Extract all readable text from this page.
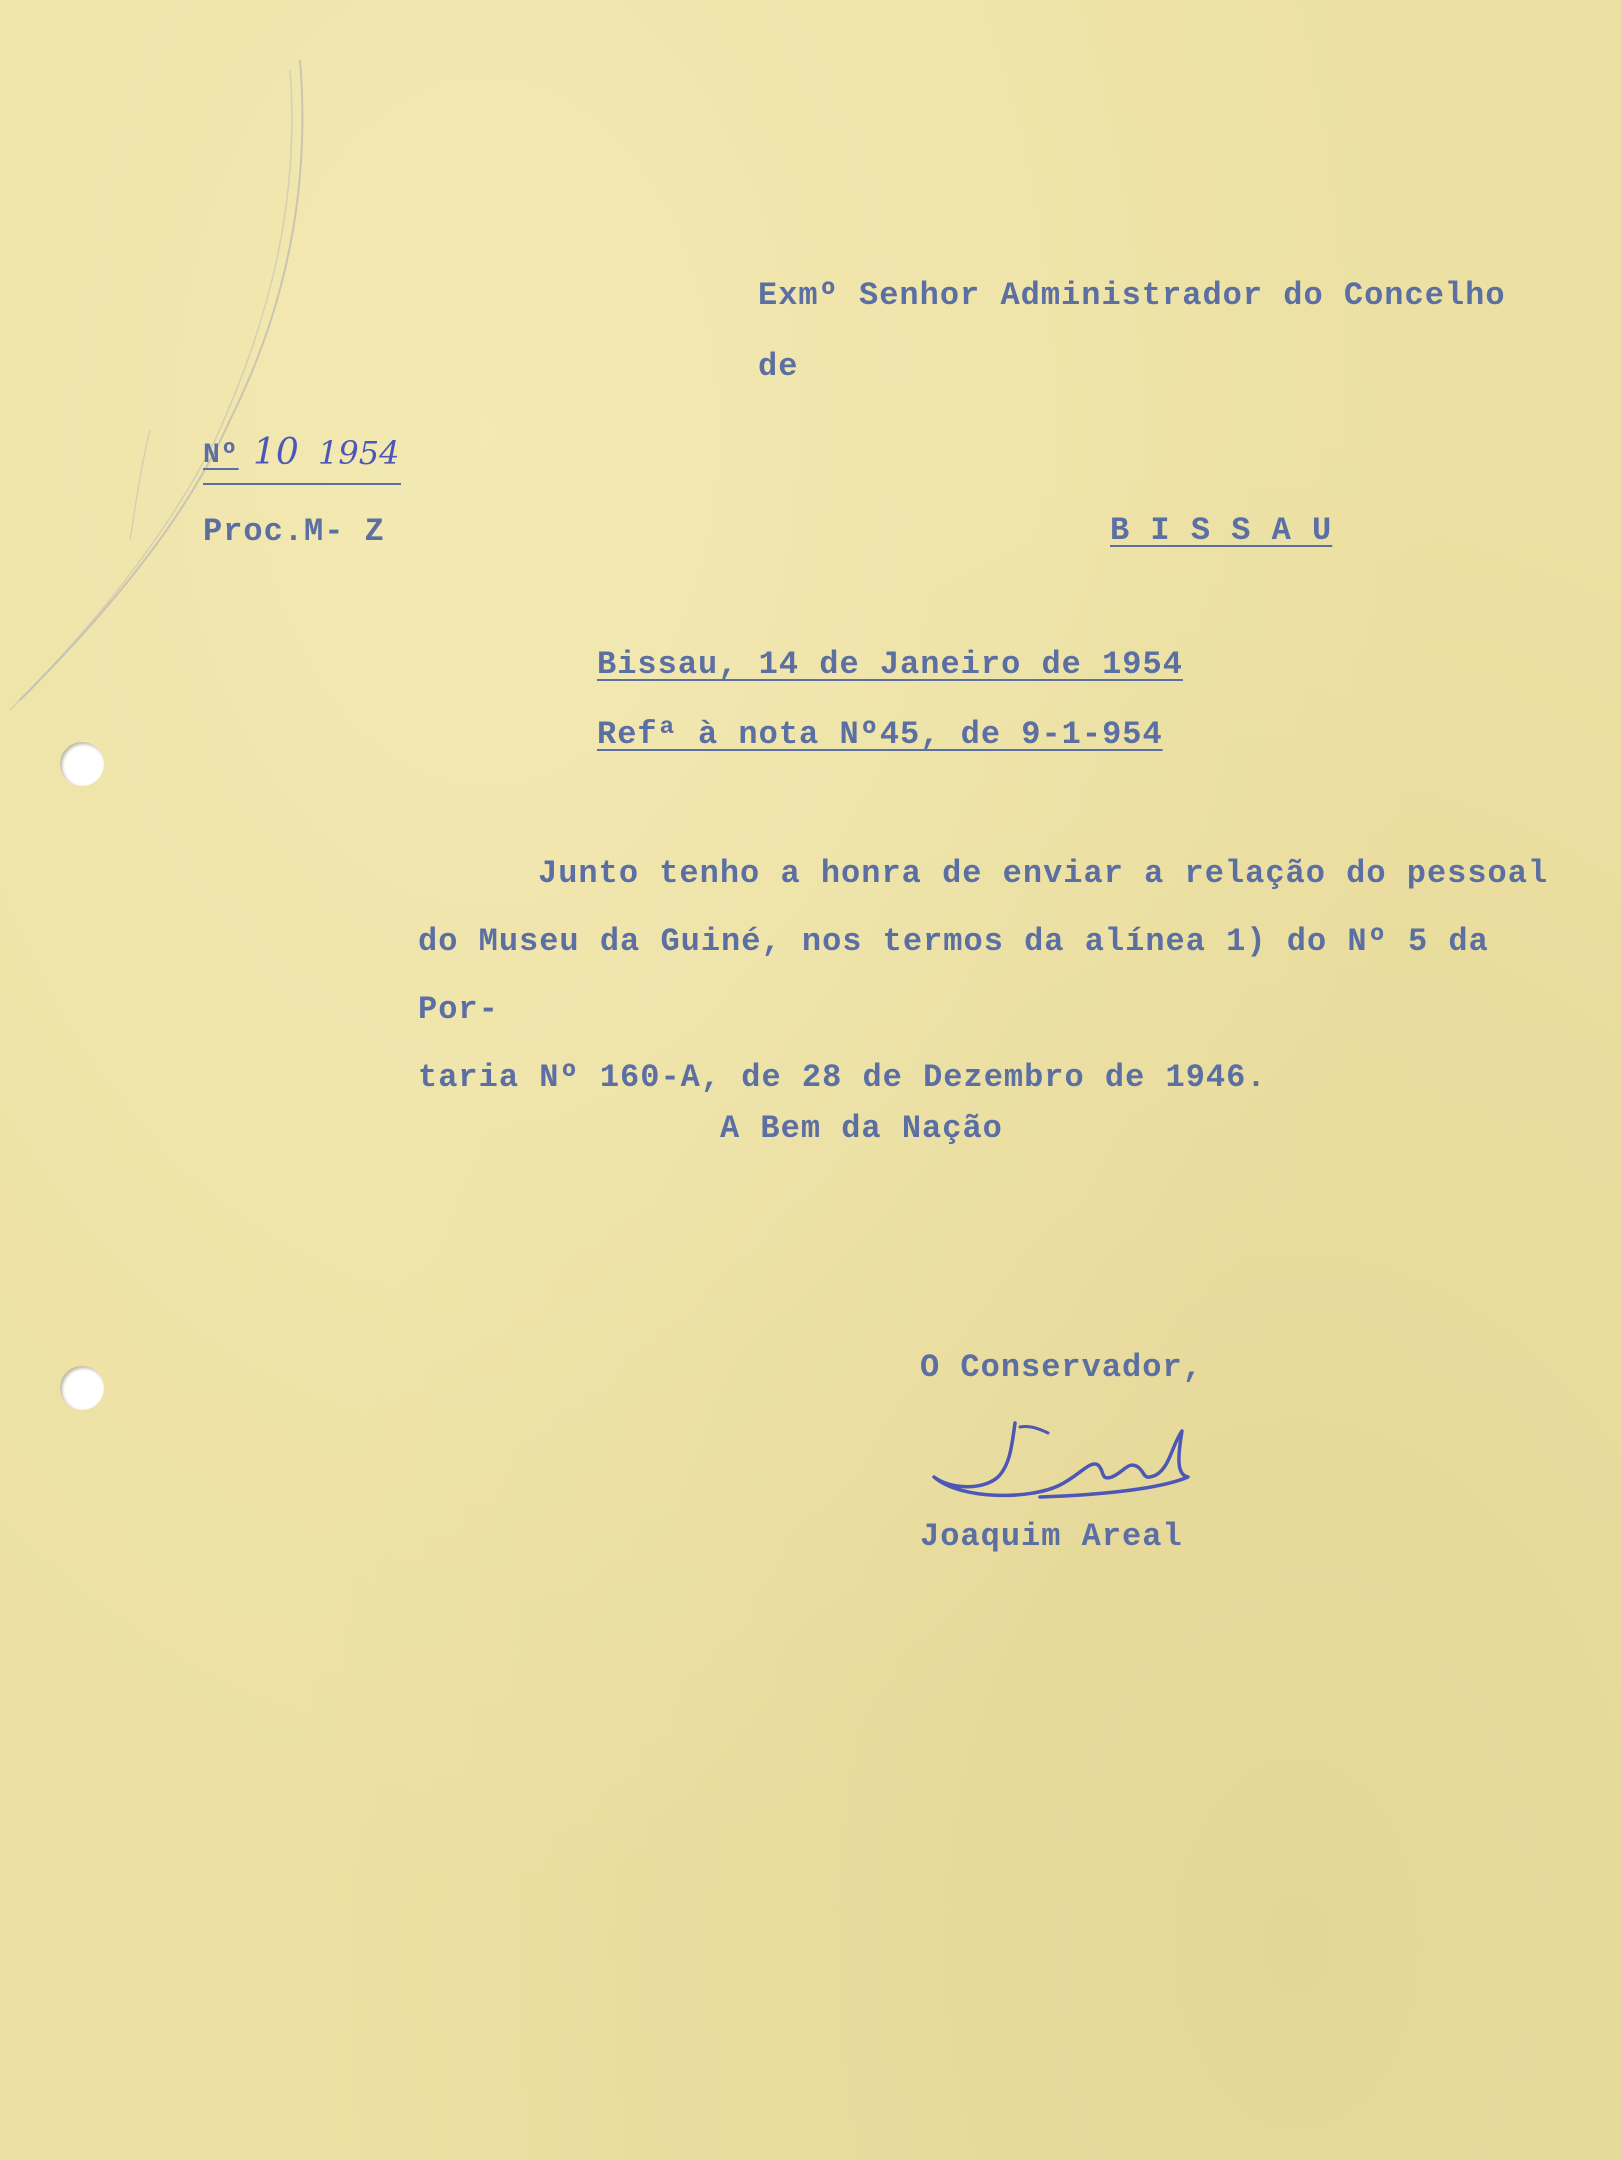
Exmº Senhor Administrador do Concelho
de
Nº 10 1954
Proc.M- Z	B I S S A U
Bissau, 14 de Janeiro de 1954
Refª à nota Nº45, de 9-1-954
Junto tenho a honra de enviar a relação do pessoal
do Museu da Guiné, nos termos da alínea 1) do Nº 5 da Por-
taria Nº 160-A, de 28 de Dezembro de 1946.
A Bem da Nação
O Conservador,
Joaquim Areal
